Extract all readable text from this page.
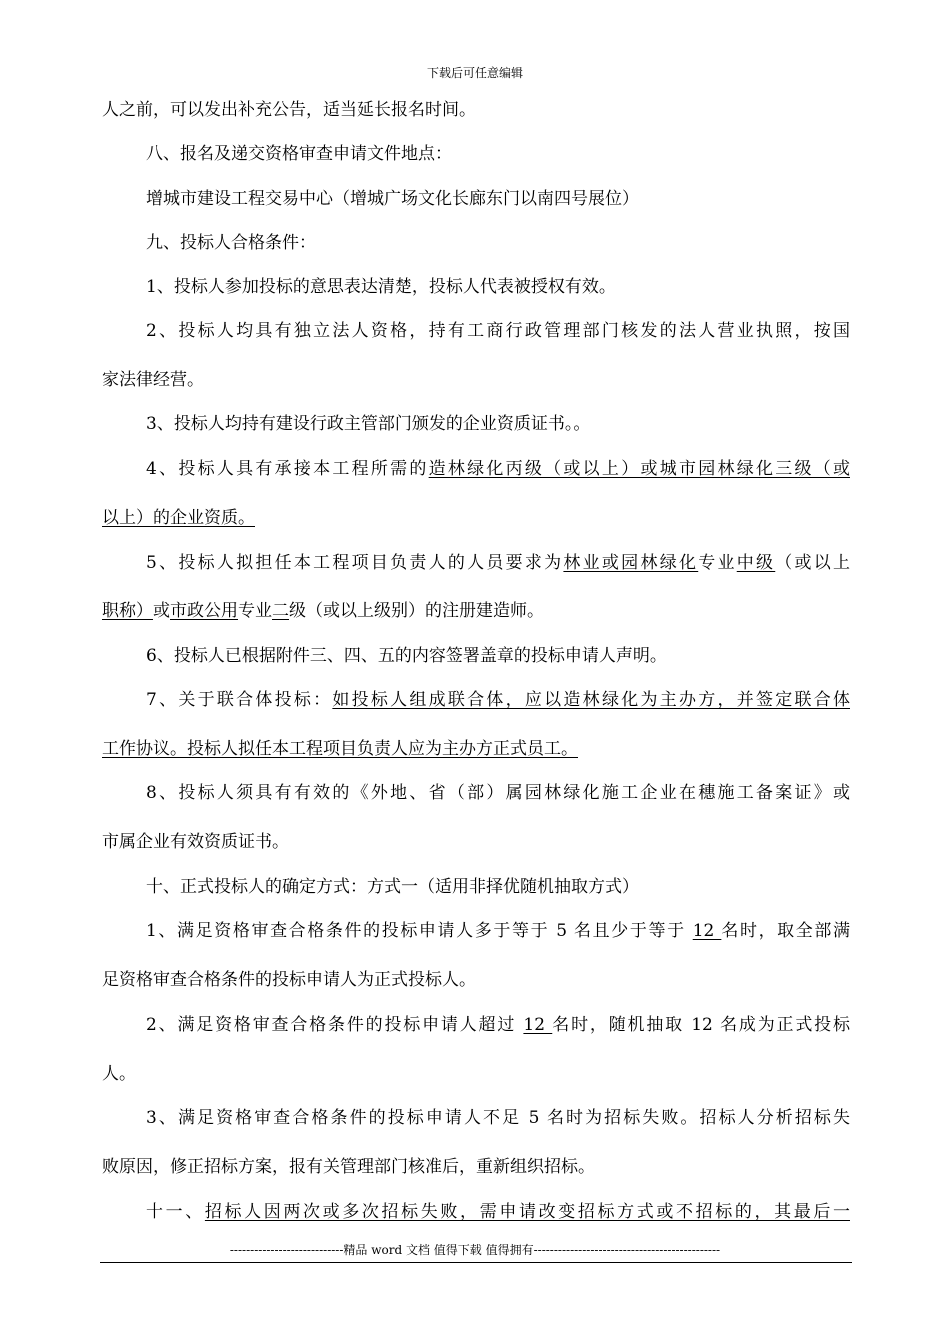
下载后可任意编辑
人之前，可以发出补充公告，适当延长报名时间。
八、报名及递交资格审查申请文件地点：
增城市建设工程交易中心（增城广场文化长廊东门以南四号展位）
九、投标人合格条件：
1、投标人参加投标的意思表达清楚，投标人代表被授权有效。
2、投标人均具有独立法人资格，持有工商行政管理部门核发的法人营业执照，按国
家法律经营。
3、投标人均持有建设行政主管部门颁发的企业资质证书。。
4、投标人具有承接本工程所需的造林绿化丙级（或以上）或城市园林绿化三级（或
以上）的企业资质。
5、投标人拟担任本工程项目负责人的人员要求为林业或园林绿化专业中级（或以上
职称）或市政公用专业二级（或以上级别）的注册建造师。
6、投标人已根据附件三、四、五的内容签署盖章的投标申请人声明。
7、关于联合体投标：如投标人组成联合体，应以造林绿化为主办方，并签定联合体
工作协议。投标人拟任本工程项目负责人应为主办方正式员工。
8、投标人须具有有效的《外地、省（部）属园林绿化施工企业在穗施工备案证》或
市属企业有效资质证书。
十、正式投标人的确定方式：方式一（适用非择优随机抽取方式）
1、满足资格审查合格条件的投标申请人多于等于 5 名且少于等于 12 名时，取全部满
足资格审查合格条件的投标申请人为正式投标人。
2、满足资格审查合格条件的投标申请人超过 12 名时，随机抽取 12 名成为正式投标
人。
3、满足资格审查合格条件的投标申请人不足 5 名时为招标失败。招标人分析招标失
败原因，修正招标方案，报有关管理部门核准后，重新组织招标。
十一、招标人因两次或多次招标失败，需申请改变招标方式或不招标的，其最后一
----------------------------精品 word 文档 值得下载 值得拥有----------------------------------------------
